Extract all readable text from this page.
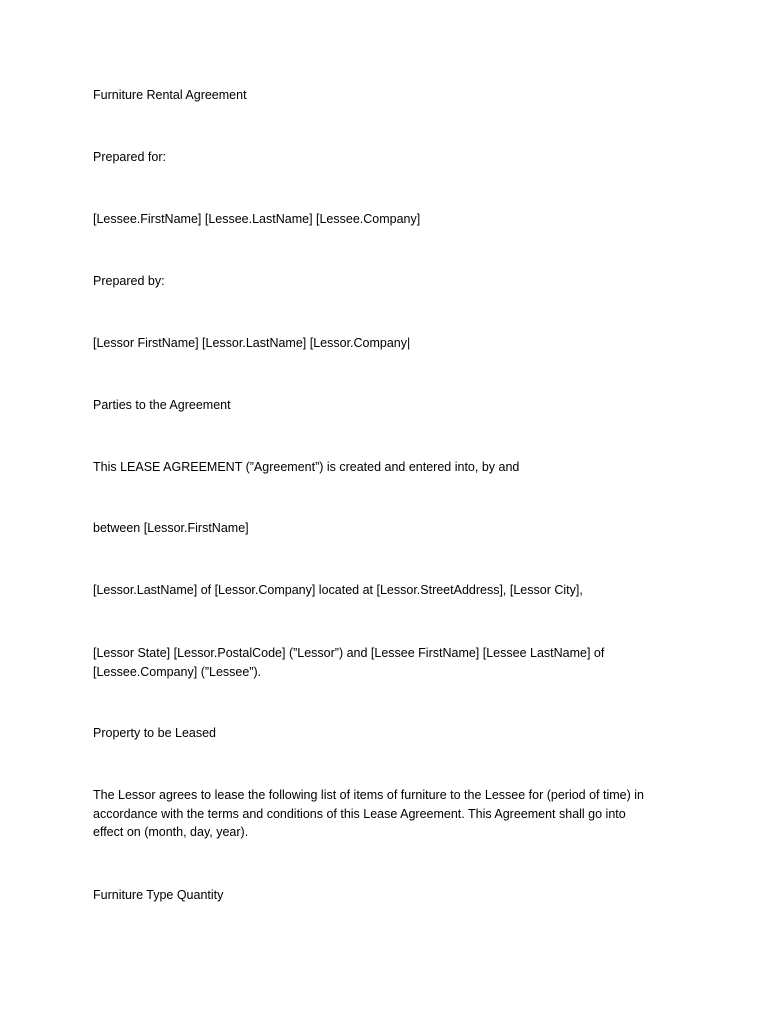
Furniture Rental Agreement

Prepared for:

[Lessee.FirstName] [Lessee.LastName] [Lessee.Company]

Prepared by:

[Lessor FirstName] [Lessor.LastName] [Lessor.Company|

Parties to the Agreement

This LEASE AGREEMENT (”Agreement”) is created and entered into, by and

between [Lessor.FirstName]

[Lessor.LastName] of [Lessor.Company] located at [Lessor.StreetAddress], [Lessor City],

[Lessor State] [Lessor.PostalCode] (”Lessor”) and [Lessee FirstName] [Lessee LastName] of
[Lessee.Company] (”Lessee”).

Property to be Leased

The Lessor agrees to lease the following list of items of furniture to the Lessee for (period of time) in
accordance with the terms and conditions of this Lease Agreement. This Agreement shall go into
effect on (month, day, year).

Furniture Type Quantity
